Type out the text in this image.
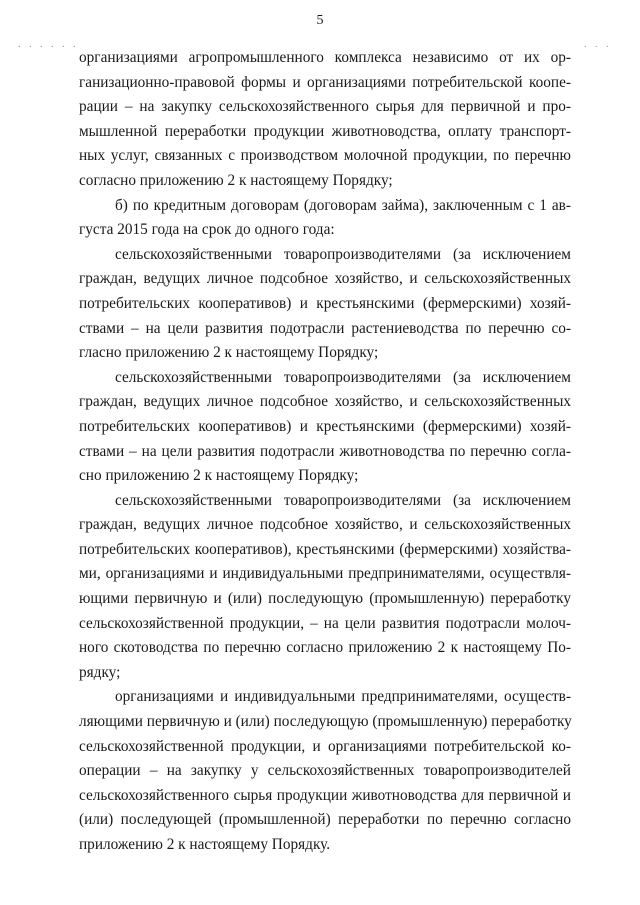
5
. . . . . .	. . .
организациями агропромышленного комплекса независимо от их ор-
ганизационно-правовой формы и организациями потребительской коопе-
рации – на закупку сельскохозяйственного сырья для первичной и про-
мышленной переработки продукции животноводства, оплату транспорт-
ных услуг, связанных с производством молочной продукции, по перечню
согласно приложению 2 к настоящему Порядку;
б) по кредитным договорам (договорам займа), заключенным с 1 ав-
густа 2015 года на срок до одного года:
сельскохозяйственными товаропроизводителями (за исключением
граждан, ведущих личное подсобное хозяйство, и сельскохозяйственных
потребительских кооперативов) и крестьянскими (фермерскими) хозяй-
ствами – на цели развития подотрасли растениеводства по перечню со-
гласно приложению 2 к настоящему Порядку;
сельскохозяйственными товаропроизводителями (за исключением
граждан, ведущих личное подсобное хозяйство, и сельскохозяйственных
потребительских кооперативов) и крестьянскими (фермерскими) хозяй-
ствами – на цели развития подотрасли животноводства по перечню согла-
сно приложению 2 к настоящему Порядку;
сельскохозяйственными товаропроизводителями (за исключением
граждан, ведущих личное подсобное хозяйство, и сельскохозяйственных
потребительских кооперативов), крестьянскими (фермерскими) хозяйства-
ми, организациями и индивидуальными предпринимателями, осуществля-
ющими первичную и (или) последующую (промышленную) переработку
сельскохозяйственной продукции, – на цели развития подотрасли молоч-
ного скотоводства по перечню согласно приложению 2 к настоящему По-
рядку;
организациями и индивидуальными предпринимателями, осуществ-
ляющими первичную и (или) последующую (промышленную) переработку
сельскохозяйственной продукции, и организациями потребительской ко-
операции – на закупку у сельскохозяйственных товаропроизводителей
сельскохозяйственного сырья продукции животноводства для первичной и
(или) последующей (промышленной) переработки по перечню согласно
приложению 2 к настоящему Порядку.
